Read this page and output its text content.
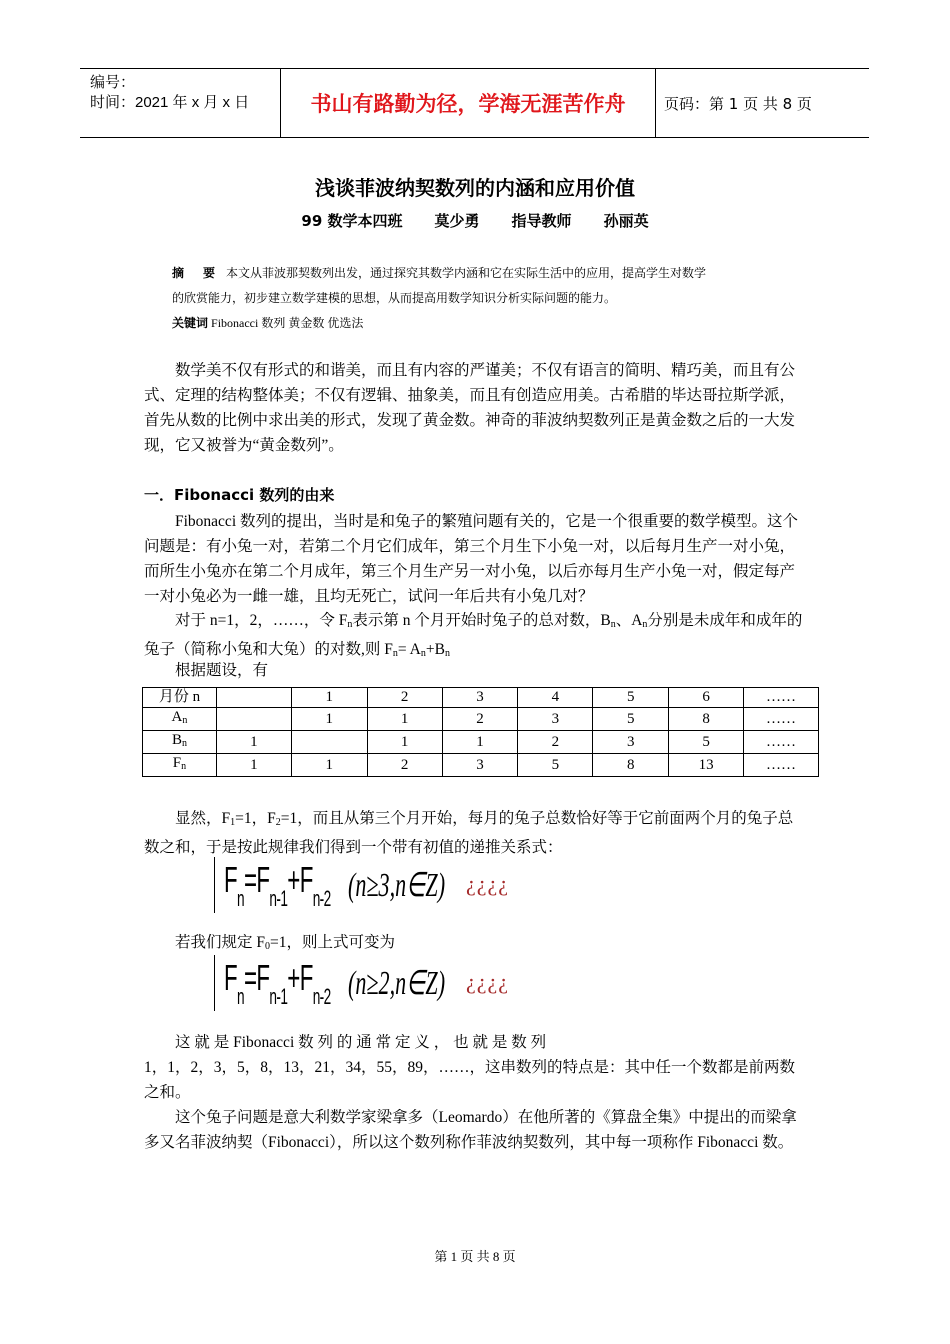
编号：
时间：2021 年 x 月 x 日	书山有路勤为径，学海无涯苦作舟	页码：第 1 页 共 8 页
浅谈菲波纳契数列的内涵和应用价值
99 数学本四班 莫少勇 指导教师 孙丽英
摘 要 本文从菲波那契数列出发，通过探究其数学内涵和它在实际生活中的应用，提高学生对数学
的欣赏能力，初步建立数学建模的思想，从而提高用数学知识分析实际问题的能力。
关键词 Fibonacci 数列 黄金数 优选法
数学美不仅有形式的和谐美，而且有内容的严谨美；不仅有语言的简明、精巧美，而且有公式、定理的结构整体美；不仅有逻辑、抽象美，而且有创造应用美。古希腊的毕达哥拉斯学派，首先从数的比例中求出美的形式，发现了黄金数。神奇的菲波纳契数列正是黄金数之后的一大发现，它又被誉为“黄金数列”。
一．Fibonacci 数列的由来
Fibonacci 数列的提出，当时是和兔子的繁殖问题有关的，它是一个很重要的数学模型。这个问题是：有小兔一对，若第二个月它们成年，第三个月生下小兔一对，以后每月生产一对小兔，而所生小兔亦在第二个月成年，第三个月生产另一对小兔，以后亦每月生产小兔一对，假定每产一对小兔必为一雌一雄，且均无死亡，试问一年后共有小兔几对？
对于 n=1，2，……，令 $F_n$表示第 n 个月开始时兔子的总对数，$B_n$、$A_n$分别是未成年和成年的兔子（简称小兔和大兔）的对数,则 $F_n= A_n+B_n$
根据题设，有
月份 n		1	2	3	4	5	6	……
$A_n$		1	1	2	3	5	8	……
$B_n$	1		1	1	2	3	5	……
$F_n$	1	1	2	3	5	8	13	……
显然，$F_1=1$，$F_2=1$，而且从第三个月开始，每月的兔子总数恰好等于它前面两个月的兔子总数之和，于是按此规律我们得到一个带有初值的递推关系式：
$F_n=F_{n-1}+F_{n-2}$ (n≥3,n∈Z) ¿¿¿¿
若我们规定 $F_0=1$，则上式可变为
$F_n=F_{n-1}+F_{n-2}$ (n≥2,n∈Z) ¿¿¿¿
这 就 是 Fibonacci 数 列 的 通 常 定 义 ， 也 就 是 数 列
1，1，2，3，5，8，13，21，34，55，89，……，这串数列的特点是：其中任一个数都是前两数之和。
这个兔子问题是意大利数学家梁拿多（Leomardo）在他所著的《算盘全集》中提出的而梁拿多又名菲波纳契（Fibonacci），所以这个数列称作菲波纳契数列，其中每一项称作 Fibonacci 数。
第 1 页 共 8 页
